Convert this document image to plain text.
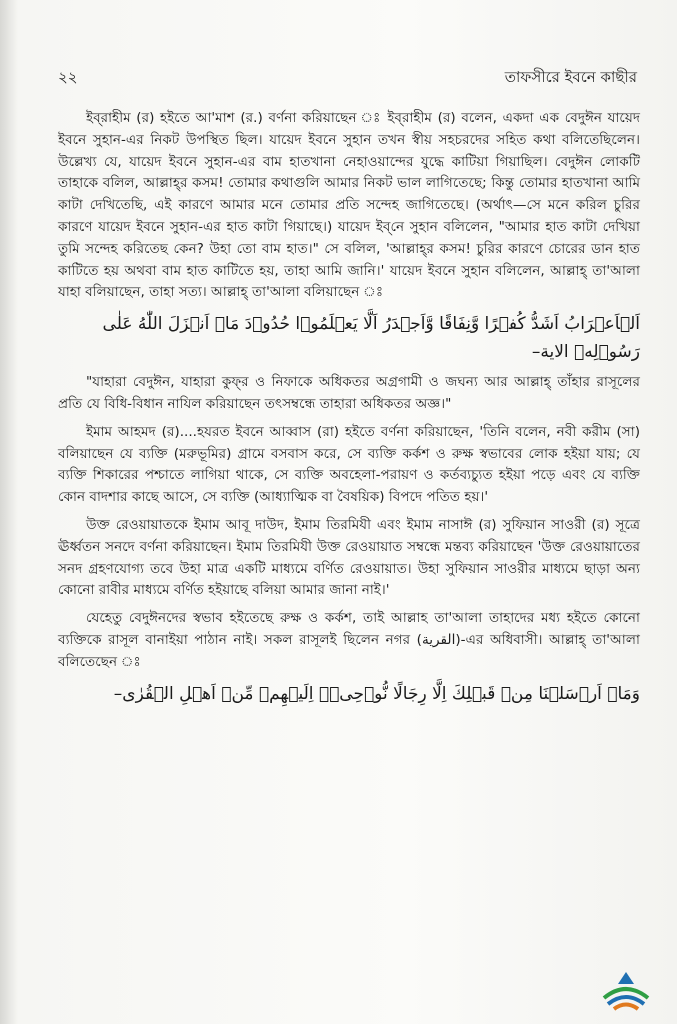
২২	তাফসীরে ইবনে কাছীর

ইব্‌রাহীম (র) হইতে আ'মাশ (র.) বর্ণনা করিয়াছেন ঃ ইব্‌রাহীম (র) বলেন, একদা এক বেদুঈন যায়েদ ইবনে সুহান-এর নিকট উপস্থিত ছিল। যায়েদ ইবনে সুহান তখন স্বীয় সহচরদের সহিত কথা বলিতেছিলেন। উল্লেখ্য যে, যায়েদ ইবনে সুহান-এর বাম হাতখানা নেহাওয়ান্দের যুদ্ধে কাটিয়া গিয়াছিল। বেদুঈন লোকটি তাহাকে বলিল, আল্লাহ্‌র কসম! তোমার কথাগুলি আমার নিকট ভাল লাগিতেছে; কিন্তু তোমার হাতখানা আমি কাটা দেখিতেছি, এই কারণে আমার মনে তোমার প্রতি সন্দেহ জাগিতেছে। (অর্থাৎ—সে মনে করিল চুরির কারণে যায়েদ ইবনে সুহান-এর হাত কাটা গিয়াছে।) যায়েদ ইব্‌নে সুহান বলিলেন, "আমার হাত কাটা দেখিয়া তুমি সন্দেহ করিতেছ কেন? উহা তো বাম হাত।" সে বলিল, 'আল্লাহ্‌র কসম! চুরির কারণে চোরের ডান হাত কাটিতে হয় অথবা বাম হাত কাটিতে হয়, তাহা আমি জানি।' যায়েদ ইবনে সুহান বলিলেন, আল্লাহ্‌ তা'আলা যাহা বলিয়াছেন, তাহা সত্য। আল্লাহ্‌ তা'আলা বলিয়াছেন ঃ

اَلۡاَعۡرَابُ اَشَدُّ كُفۡرًا وَّنِفَاقًا وَّاَجۡدَرُ اَلَّا يَعۡلَمُوۡا حُدُوۡدَ مَاۤ اَنۡزَلَ اللّٰهُ عَلٰى
رَسُوۡلِهٖ الاية–

"যাহারা বেদুঈন, যাহারা কুফ্‌র ও নিফাকে অধিকতর অগ্রগামী ও জঘন্য আর আল্লাহ্‌ তাঁহার রাসূলের প্রতি যে বিধি-বিধান নাযিল করিয়াছেন তৎসম্বন্ধে তাহারা অধিকতর অজ্ঞ।"

ইমাম আহমদ (র)....হযরত ইবনে আব্বাস (রা) হইতে বর্ণনা করিয়াছেন, 'তিনি বলেন, নবী করীম (সা) বলিয়াছেন যে ব্যক্তি (মরুভূমির) গ্রামে বসবাস করে, সে ব্যক্তি কর্কশ ও রুক্ষ স্বভাবের লোক হইয়া যায়; যে ব্যক্তি শিকারের পশ্চাতে লাগিয়া থাকে, সে ব্যক্তি অবহেলা-পরায়ণ ও কর্তব্যচ্যুত হইয়া পড়ে এবং যে ব্যক্তি কোন বাদশার কাছে আসে, সে ব্যক্তি (আধ্যাত্মিক বা বৈষয়িক) বিপদে পতিত হয়।'

উক্ত রেওয়ায়াতকে ইমাম আবূ দাউদ, ইমাম তিরমিযী এবং ইমাম নাসাঈ (র) সুফিয়ান সাওরী (র) সূত্রে ঊর্ধ্বতন সনদে বর্ণনা করিয়াছেন। ইমাম তিরমিযী উক্ত রেওয়ায়াত সম্বন্ধে মন্তব্য করিয়াছেন 'উক্ত রেওয়ায়াতের সনদ গ্রহণযোগ্য তবে উহা মাত্র একটি মাধ্যমে বর্ণিত রেওয়ায়াত। উহা সুফিয়ান সাওরীর মাধ্যমে ছাড়া অন্য কোনো রাবীর মাধ্যমে বর্ণিত হইয়াছে বলিয়া আমার জানা নাই।'

যেহেতু বেদুঈনদের স্বভাব হইতেছে রুক্ষ ও কর্কশ, তাই আল্লাহ তা'আলা তাহাদের মধ্য হইতে কোনো ব্যক্তিকে রাসূল বানাইয়া পাঠান নাই। সকল রাসূলই ছিলেন নগর (القرية)-এর অধিবাসী। আল্লাহ্‌ তা'আলা বলিতেছেন ঃ

وَمَاۤ اَرۡسَلۡنَا مِنۡ قَبۡلِكَ اِلَّا رِجَالًا نُّوۡحِىۡۤ اِلَيۡهِمۡ مِّنۡ اَهۡلِ الۡقُرٰى–
